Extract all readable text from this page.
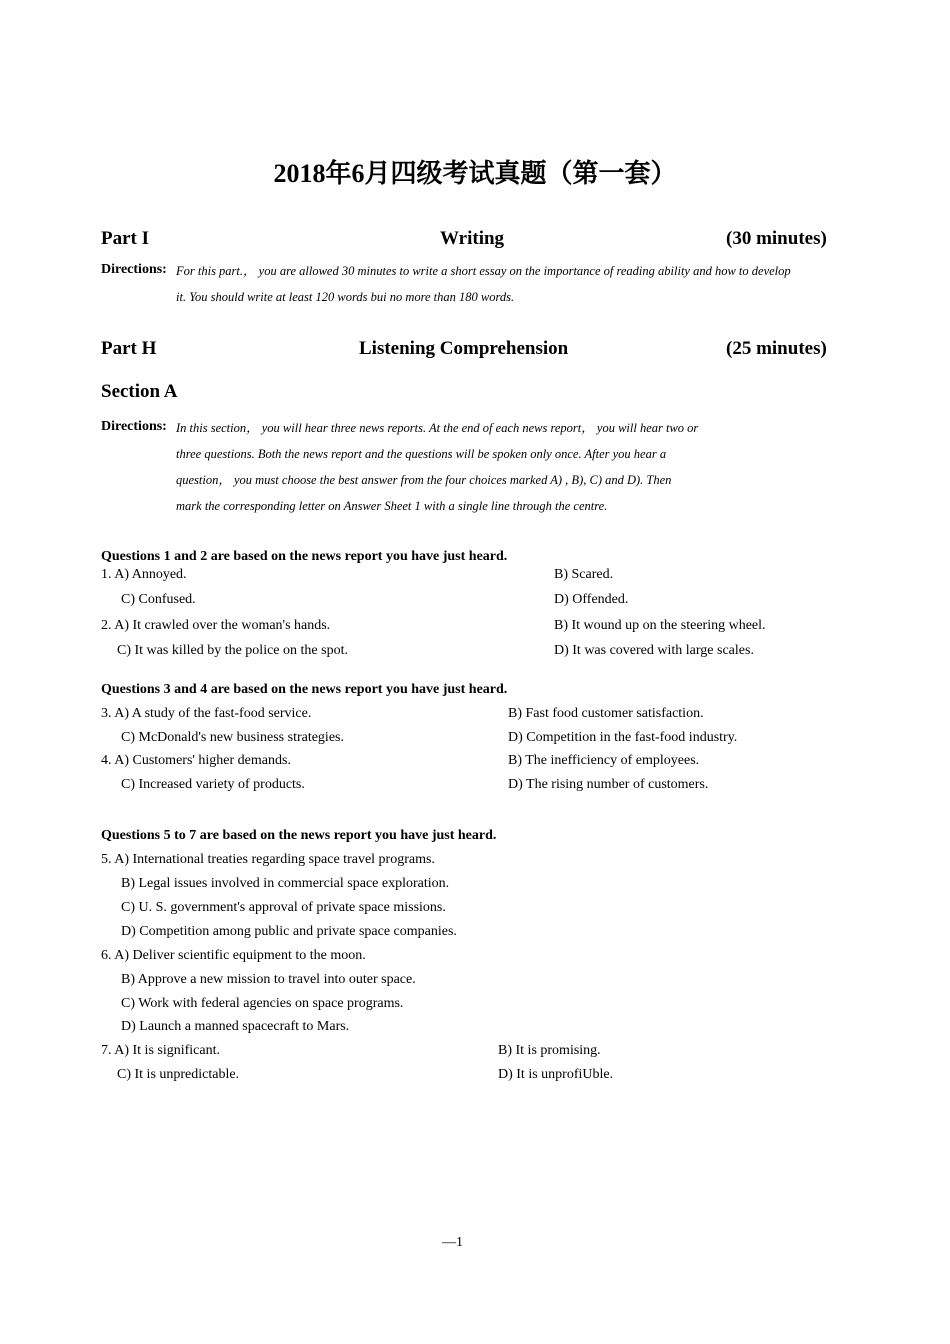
2018年6月四级考试真题（第一套）
Part I	Writing	(30 minutes)
Directions: For this part.， you are allowed 30 minutes to write a short essay on the importance of reading ability and how to develop
it. You should write at least 120 words bui no more than 180 words.
Part H	Listening Comprehension	(25 minutes)
Section A
Directions: In this section， you will hear three news reports. At the end of each news report， you will hear two or
three questions. Both the news report and the questions will be spoken only once. After you hear a
question， you must choose the best answer from the four choices marked A) , B), C) and D). Then
mark the corresponding letter on Answer Sheet 1 with a single line through the centre.
Questions 1 and 2 are based on the news report you have just heard.
1. A) Annoyed.	B) Scared.
C) Confused.	D) Offended.
2. A) It crawled over the woman's hands.	B) It wound up on the steering wheel.
C) It was killed by the police on the spot.	D) It was covered with large scales.
Questions 3 and 4 are based on the news report you have just heard.
3. A) A study of the fast-food service.	B) Fast food customer satisfaction.
C) McDonald's new business strategies.	D) Competition in the fast-food industry.
4. A) Customers' higher demands.	B) The inefficiency of employees.
C) Increased variety of products.	D) The rising number of customers.
Questions 5 to 7 are based on the news report you have just heard.
5. A) International treaties regarding space travel programs.
B) Legal issues involved in commercial space exploration.
C) U. S. government's approval of private space missions.
D) Competition among public and private space companies.
6. A) Deliver scientific equipment to the moon.
B) Approve a new mission to travel into outer space.
C) Work with federal agencies on space programs.
D) Launch a manned spacecraft to Mars.
7. A) It is significant.	B) It is promising.
C) It is unpredictable.	D) It is unprofiUble.
—1
